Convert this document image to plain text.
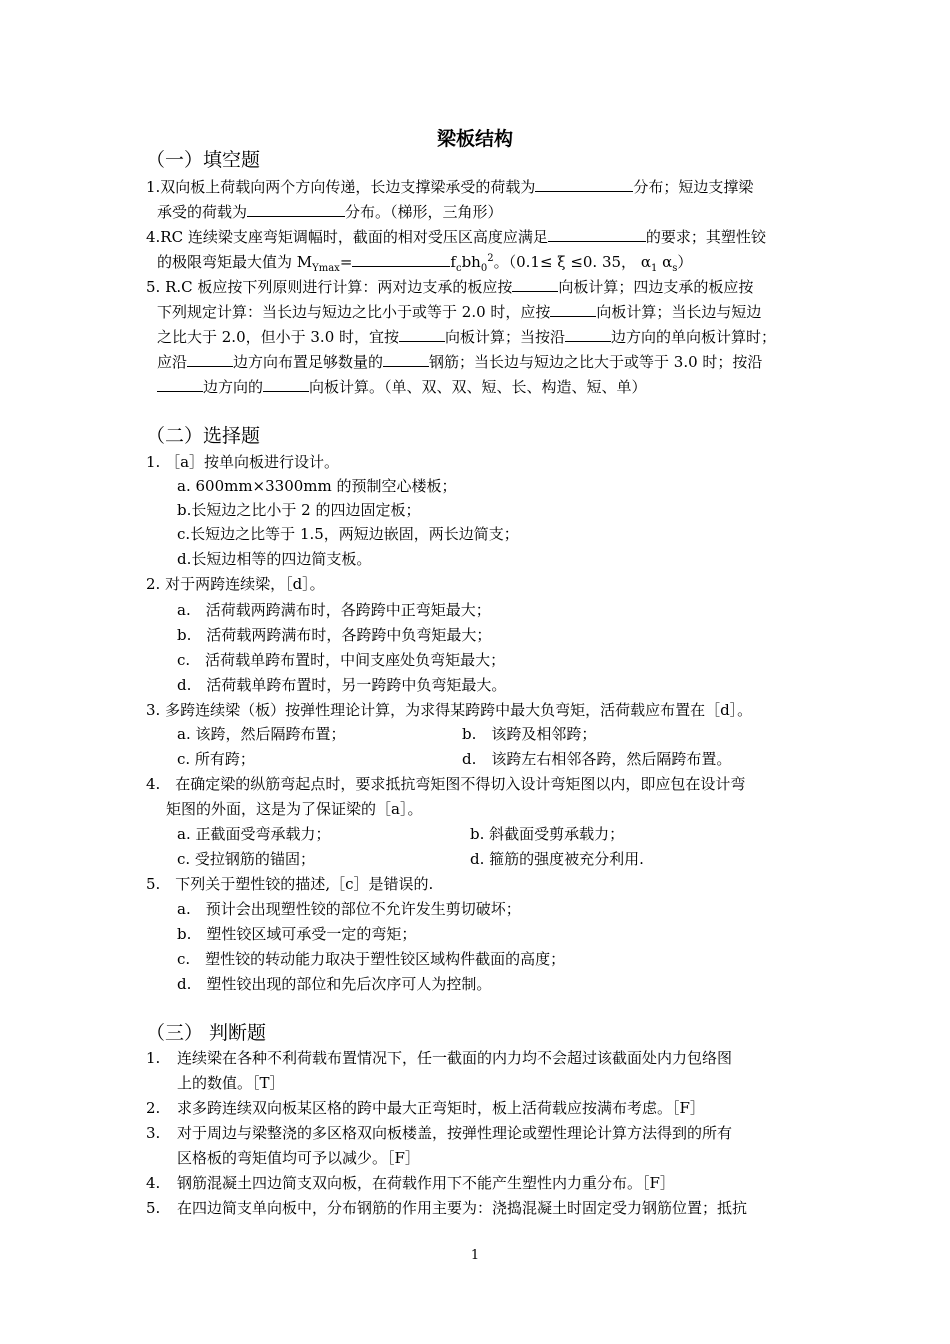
梁板结构
（一）填空题
1.双向板上荷载向两个方向传递，长边支撑梁承受的荷载为	分布；短边支撑梁
承受的荷载为	分布。（梯形，三角形）
4.RC 连续梁支座弯矩调幅时，截面的相对受压区高度应满足	的要求；其塑性铰
的极限弯矩最大值为 $M_{Ymax}=$	$f_cbh_0^2$。（0.1≤ ξ ≤0. 35， $\alpha_1$ $\alpha_s$）
5. R.C 板应按下列原则进行计算：两对边支承的板应按	向板计算；四边支承的板应按
下列规定计算：当长边与短边之比小于或等于 2.0 时，应按	向板计算；当长边与短边
之比大于 2.0，但小于 3.0 时，宜按	向板计算；当按沿	边方向的单向板计算时；
应沿	边方向布置足够数量的	钢筋；当长边与短边之比大于或等于 3.0 时；按沿
边方向的	向板计算。（单、双、双、短、长、构造、短、单）
（二）选择题
1. ［a］按单向板进行设计。
a. 600mm×3300mm 的预制空心楼板；
b.长短边之比小于 2 的四边固定板；
c.长短边之比等于 1.5，两短边嵌固，两长边简支；
d.长短边相等的四边简支板。
2. 对于两跨连续梁，［d］。
a.　活荷载两跨满布时，各跨跨中正弯矩最大；
b.　活荷载两跨满布时，各跨跨中负弯矩最大；
c.　活荷载单跨布置时，中间支座处负弯矩最大；
d.　活荷载单跨布置时，另一跨跨中负弯矩最大。
3. 多跨连续梁（板）按弹性理论计算，为求得某跨跨中最大负弯矩，活荷载应布置在［d］。
a. 该跨，然后隔跨布置；	b.　该跨及相邻跨；
c. 所有跨；	d.　该跨左右相邻各跨，然后隔跨布置。
4.　在确定梁的纵筋弯起点时，要求抵抗弯矩图不得切入设计弯矩图以内，即应包在设计弯
矩图的外面，这是为了保证梁的［a］。
a. 正截面受弯承载力；	b. 斜截面受剪承载力；
c. 受拉钢筋的锚固；	d. 箍筋的强度被充分利用.
5.　下列关于塑性铰的描述,［c］是错误的.
a.　预计会出现塑性铰的部位不允许发生剪切破坏；
b.　塑性铰区域可承受一定的弯矩；
c.　塑性铰的转动能力取决于塑性铰区域构件截面的高度；
d.　塑性铰出现的部位和先后次序可人为控制。
（三） 判断题
1. 连续梁在各种不利荷载布置情况下，任一截面的内力均不会超过该截面处内力包络图
上的数值。［T］
2. 求多跨连续双向板某区格的跨中最大正弯矩时，板上活荷载应按满布考虑。［F］
3. 对于周边与梁整浇的多区格双向板楼盖，按弹性理论或塑性理论计算方法得到的所有
区格板的弯矩值均可予以减少。［F］
4. 钢筋混凝土四边简支双向板，在荷载作用下不能产生塑性内力重分布。［F］
5. 在四边简支单向板中，分布钢筋的作用主要为：浇捣混凝土时固定受力钢筋位置；抵抗
1
